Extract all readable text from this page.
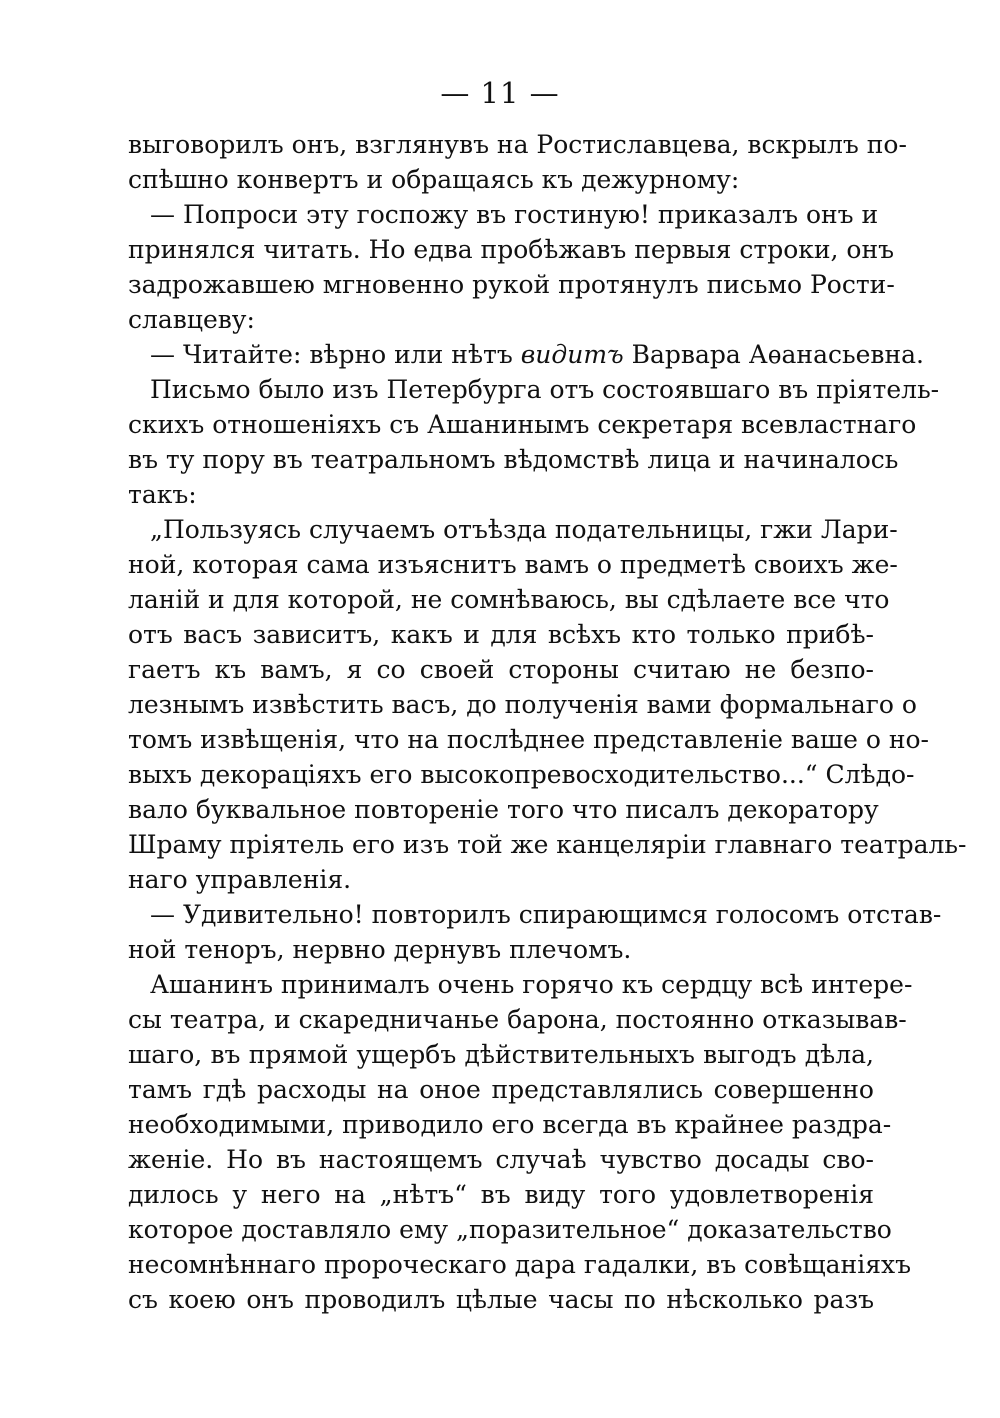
— 11 —
выговорилъ онъ, взглянувъ на Ростиславцева, вскрылъ по-
спѣшно конвертъ и обращаясь къ дежурному:
— Попроси эту госпожу въ гостиную! приказалъ онъ и
принялся читать. Но едва пробѣжавъ первыя строки, онъ
задрожавшею мгновенно рукой протянулъ письмо Рости-
славцеву:
— Читайте: вѣрно или нѣтъ видитъ Варвара Аѳанасьевна.
Письмо было изъ Петербурга отъ состоявшаго въ пріятель-
скихъ отношеніяхъ съ Ашанинымъ секретаря всевластнаго
въ ту пору въ театральномъ вѣдомствѣ лица и начиналось
такъ:
„Пользуясь случаемъ отъѣзда подательницы, гжи Лари-
ной, которая сама изъяснитъ вамъ о предметѣ своихъ же-
ланій и для которой, не сомнѣваюсь, вы сдѣлаете все что
отъ васъ зависитъ, какъ и для всѣхъ кто только прибѣ-
гаетъ къ вамъ, я со своей стороны считаю не безпо-
лезнымъ извѣстить васъ, до полученія вами формальнаго о
томъ извѣщенія, что на послѣднее представленіе ваше о но-
выхъ декораціяхъ его высокопревосходительство...“ Слѣдо-
вало буквальное повтореніе того что писалъ декоратору
Шраму пріятель его изъ той же канцеляріи главнаго театраль-
наго управленія.
— Удивительно! повторилъ спирающимся голосомъ отстав-
ной теноръ, нервно дернувъ плечомъ.
Ашанинъ принималъ очень горячо къ сердцу всѣ интере-
сы театра, и скаредничанье барона, постоянно отказывав-
шаго, въ прямой ущербъ дѣйствительныхъ выгодъ дѣла,
тамъ гдѣ расходы на оное представлялись совершенно
необходимыми, приводило его всегда въ крайнее раздра-
женіе. Но въ настоящемъ случаѣ чувство досады сво-
дилось у него на „нѣтъ“ въ виду того удовлетворенія
которое доставляло ему „поразительное“ доказательство
несомнѣннаго пророческаго дара гадалки, въ совѣщаніяхъ
съ коею онъ проводилъ цѣлые часы по нѣсколько разъ
